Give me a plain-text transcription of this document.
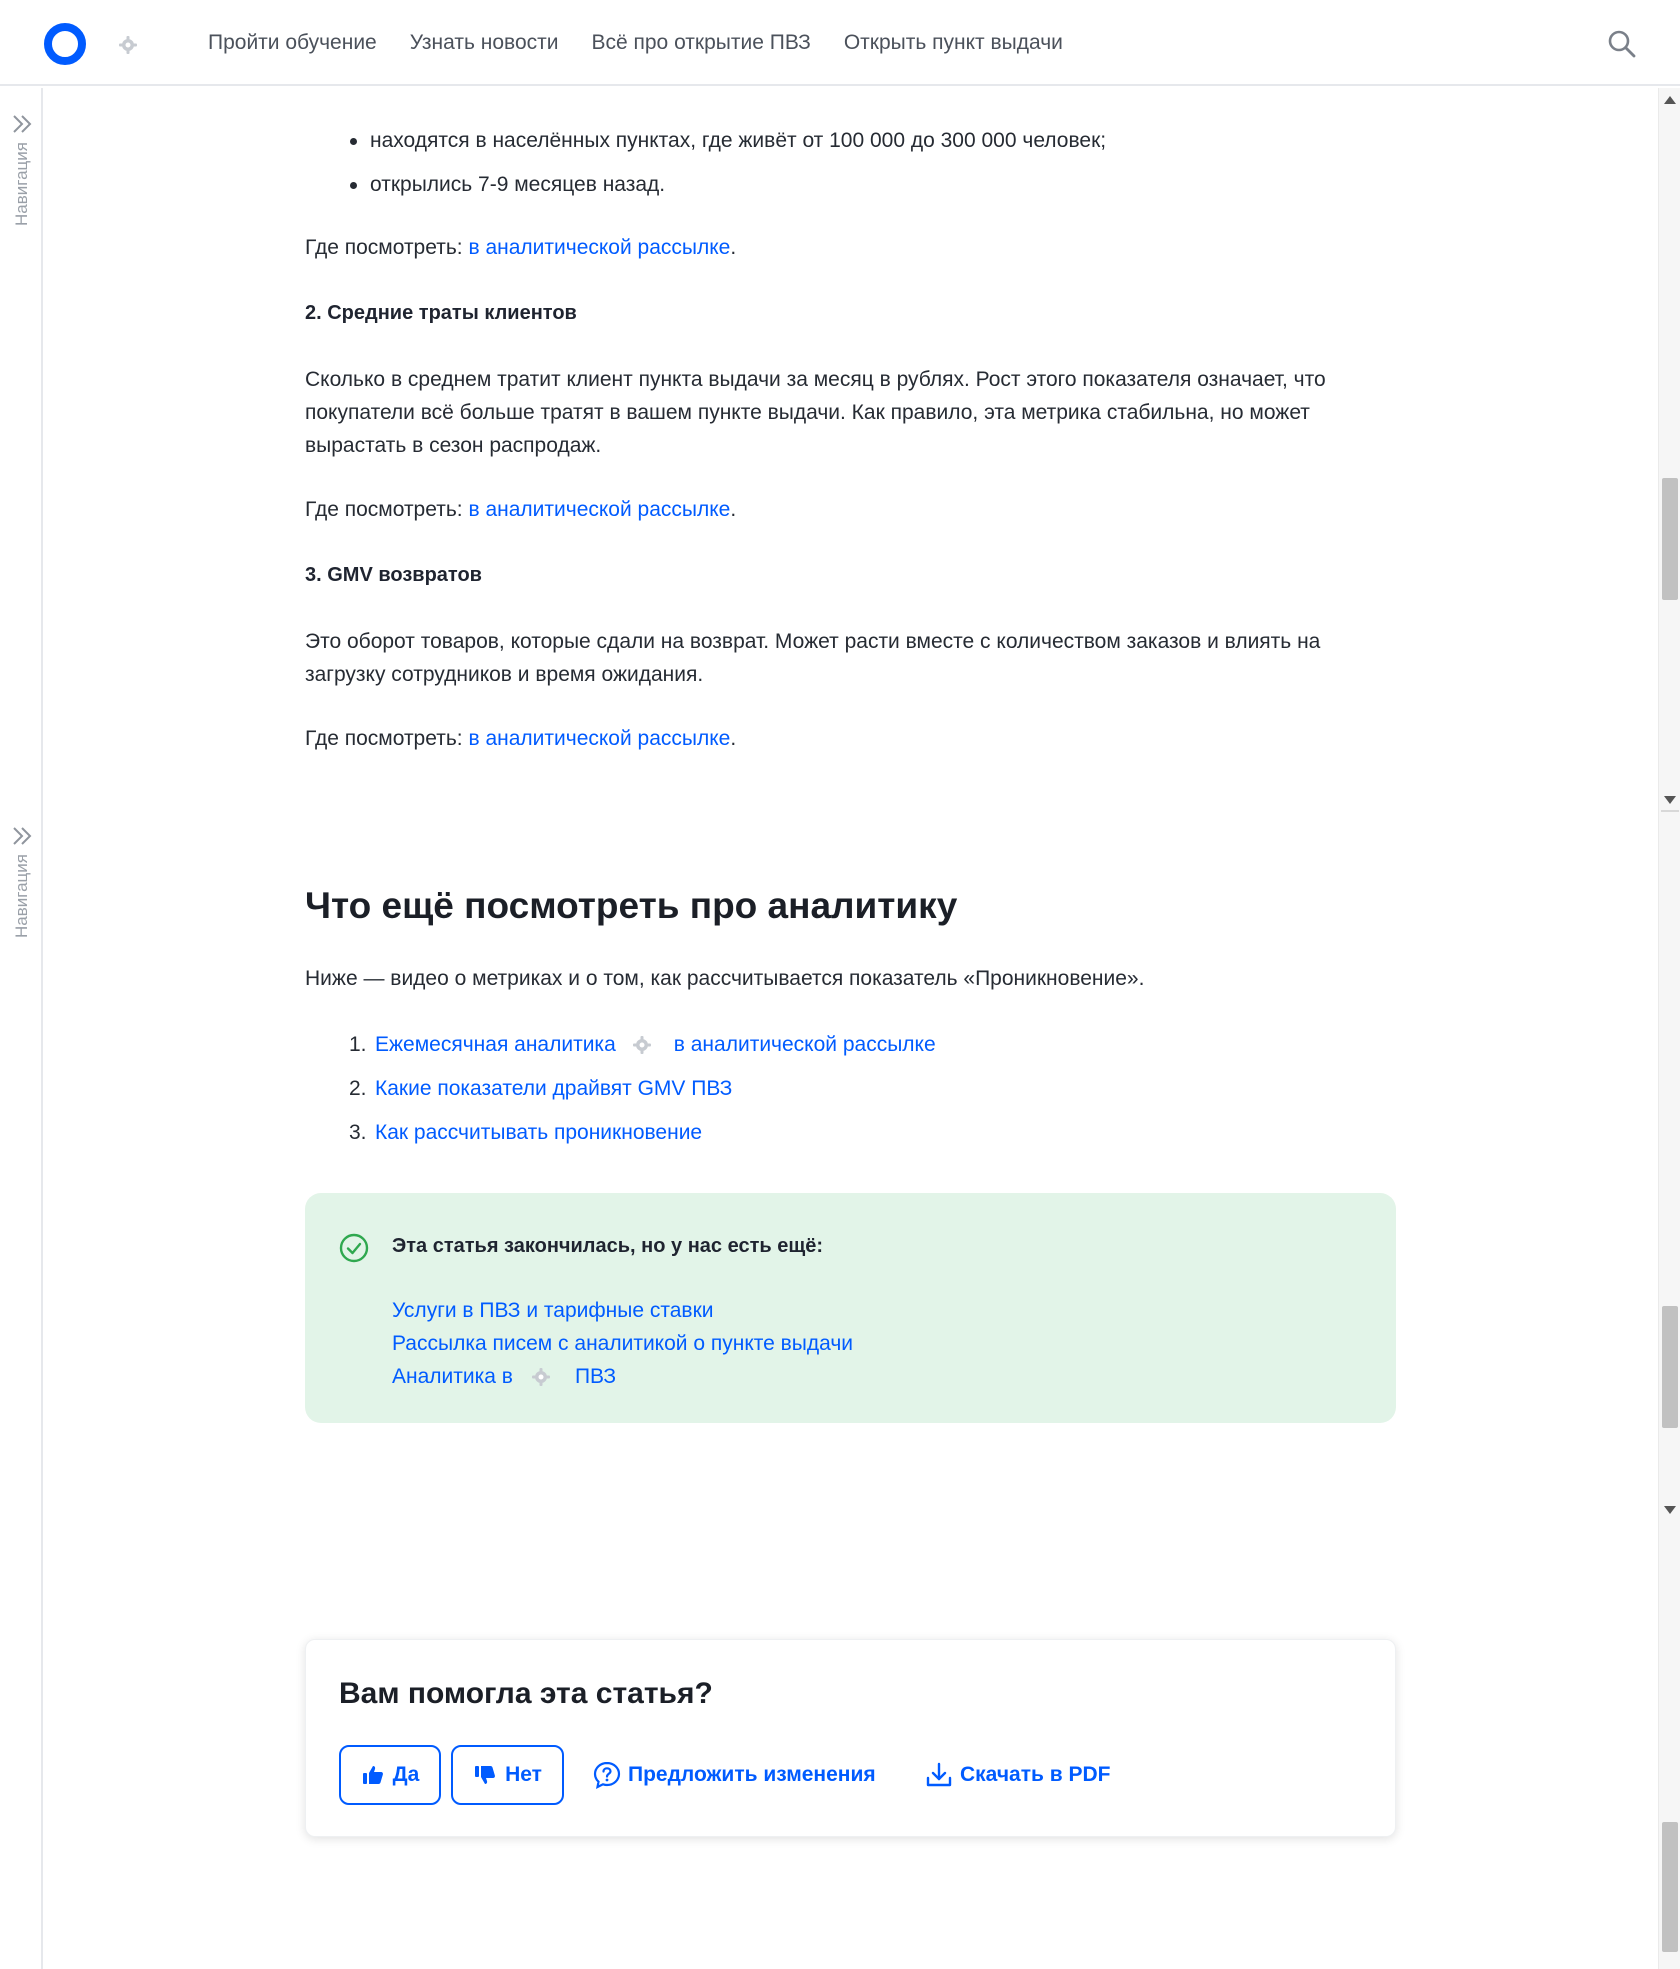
Пройти обучение Узнать новости Всё про открытие ПВЗ Открыть пункт выдачи
Навигация
Навигация
находятся в населённых пунктах, где живёт от 100 000 до 300 000 человек;
открылись 7-9 месяцев назад.

Где посмотреть: в аналитической рассылке.

2. Средние траты клиентов

Сколько в среднем тратит клиент пункта выдачи за месяц в рублях. Рост этого показателя означает, что покупатели всё больше тратят в вашем пункте выдачи. Как правило, эта метрика стабильна, но может вырастать в сезон распродаж.

Где посмотреть: в аналитической рассылке.

3. GMV возвратов

Это оборот товаров, которые сдали на возврат. Может расти вместе с количеством заказов и влиять на загрузку сотрудников и время ожидания.

Где посмотреть: в аналитической рассылке.

Что ещё посмотреть про аналитику

Ниже — видео о метриках и о том, как рассчитывается показатель «Проникновение».

1. Ежемесячная аналитика	в аналитической рассылке
2. Какие показатели драйвят GMV ПВЗ
3. Как рассчитывать проникновение
Эта статья закончилась, но у нас есть ещё:
Услуги в ПВЗ и тарифные ставки
Рассылка писем с аналитикой о пункте выдачи
Аналитика в	ПВЗ
Вам помогла эта статья?
Да	Нет	Предложить изменения	Скачать в PDF
